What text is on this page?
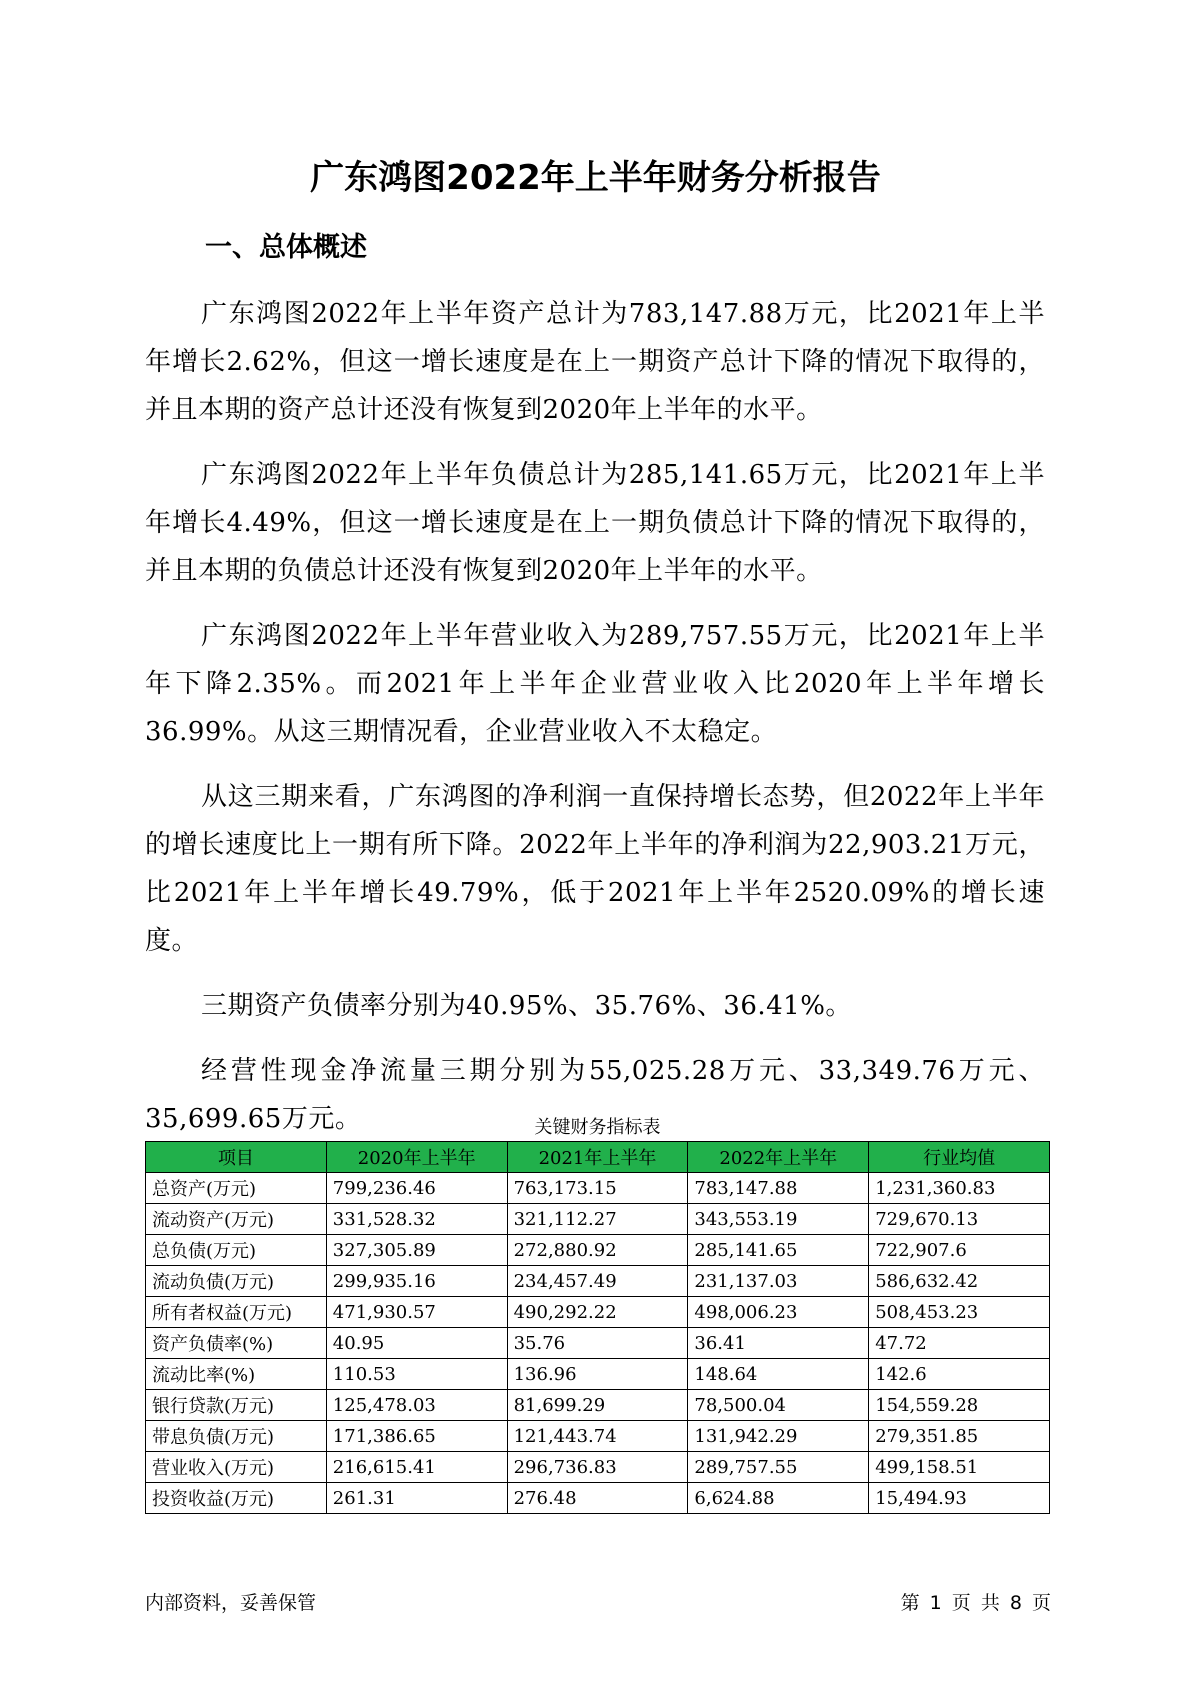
广东鸿图2022年上半年财务分析报告
一、总体概述

广东鸿图2022年上半年资产总计为783,147.88万元，比2021年上半年增长2.62%，但这一增长速度是在上一期资产总计下降的情况下取得的，并且本期的资产总计还没有恢复到2020年上半年的水平。

广东鸿图2022年上半年负债总计为285,141.65万元，比2021年上半年增长4.49%，但这一增长速度是在上一期负债总计下降的情况下取得的，并且本期的负债总计还没有恢复到2020年上半年的水平。

广东鸿图2022年上半年营业收入为289,757.55万元，比2021年上半年下降2.35%。而2021年上半年企业营业收入比2020年上半年增长36.99%。从这三期情况看，企业营业收入不太稳定。

从这三期来看，广东鸿图的净利润一直保持增长态势，但2022年上半年的增长速度比上一期有所下降。2022年上半年的净利润为22,903.21万元，比2021年上半年增长49.79%，低于2021年上半年2520.09%的增长速度。

三期资产负债率分别为40.95%、35.76%、36.41%。

经营性现金净流量三期分别为55,025.28万元、33,349.76万元、35,699.65万元。	关键财务指标表
项目	2020年上半年	2021年上半年	2022年上半年	行业均值
总资产(万元)	799,236.46	763,173.15	783,147.88	1,231,360.83
流动资产(万元)	331,528.32	321,112.27	343,553.19	729,670.13
总负债(万元)	327,305.89	272,880.92	285,141.65	722,907.6
流动负债(万元)	299,935.16	234,457.49	231,137.03	586,632.42
所有者权益(万元)	471,930.57	490,292.22	498,006.23	508,453.23
资产负债率(%)	40.95	35.76	36.41	47.72
流动比率(%)	110.53	136.96	148.64	142.6
银行贷款(万元)	125,478.03	81,699.29	78,500.04	154,559.28
带息负债(万元)	171,386.65	121,443.74	131,942.29	279,351.85
营业收入(万元)	216,615.41	296,736.83	289,757.55	499,158.51
投资收益(万元)	261.31	276.48	6,624.88	15,494.93
内部资料，妥善保管	第 1 页 共 8 页
